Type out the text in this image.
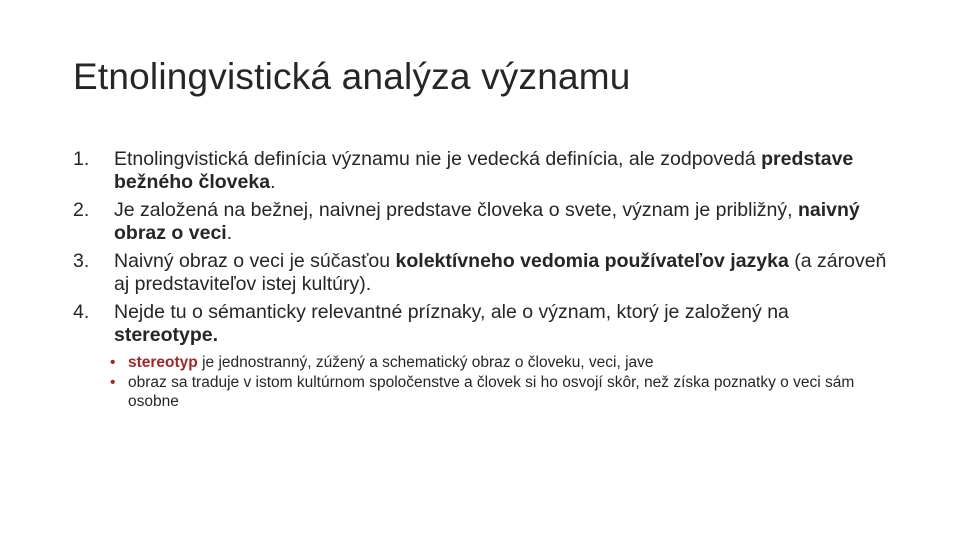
Etnolingvistická analýza významu
1. Etnolingvistická definícia významu nie je vedecká definícia, ale zodpovedá predstave bežného človeka.
2. Je založená na bežnej, naivnej predstave človeka o svete, význam je približný, naivný obraz o veci.
3. Naivný obraz o veci je súčasťou kolektívneho vedomia používateľov jazyka (a zároveň aj predstaviteľov istej kultúry).
4. Nejde tu o sémanticky relevantné príznaky, ale o význam, ktorý je založený na stereotype.
• stereotyp je jednostranný, zúžený a schematický obraz o človeku, veci, jave
• obraz sa traduje v istom kultúrnom spoločenstve a človek si ho osvojí skôr, než získa poznatky o veci sám osobne
